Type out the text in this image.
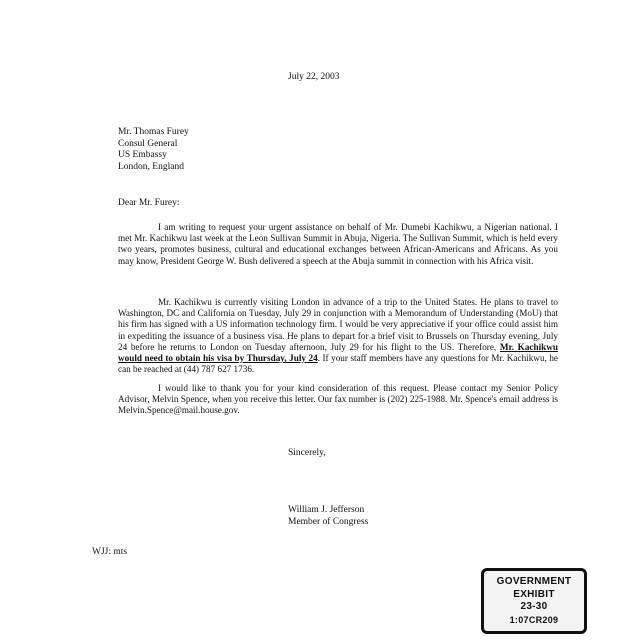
July 22, 2003
Mr. Thomas Furey
Consul General
US Embassy
London, England
Dear Mr. Furey:
I am writing to request your urgent assistance on behalf of Mr. Dumebi Kachikwu, a Nigerian national. I met Mr. Kachikwu last week at the Leon Sullivan Summit in Abuja, Nigeria. The Sullivan Summit, which is held every two years, promotes business, cultural and educational exchanges between African-Americans and Africans. As you may know, President George W. Bush delivered a speech at the Abuja summit in connection with his Africa visit.
Mr. Kachikwu is currently visiting London in advance of a trip to the United States. He plans to travel to Washington, DC and California on Tuesday, July 29 in conjunction with a Memorandum of Understanding (MoU) that his firm has signed with a US information technology firm. I would be very appreciative if your office could assist him in expediting the issuance of a business visa. He plans to depart for a brief visit to Brussels on Thursday evening, July 24 before he returns to London on Tuesday afternoon, July 29 for his flight to the US. Therefore, Mr. Kachikwu would need to obtain his visa by Thursday, July 24. If your staff members have any questions for Mr. Kachikwu, he can be reached at (44) 787 627 1736.
I would like to thank you for your kind consideration of this request. Please contact my Senior Policy Advisor, Melvin Spence, when you receive this letter. Our fax number is (202) 225-1988. Mr. Spence's email address is Melvin.Spence@mail.house.gov.
Sincerely,
William J. Jefferson
Member of Congress
WJJ: mts
GOVERNMENT
EXHIBIT
23-30
1:07CR209
